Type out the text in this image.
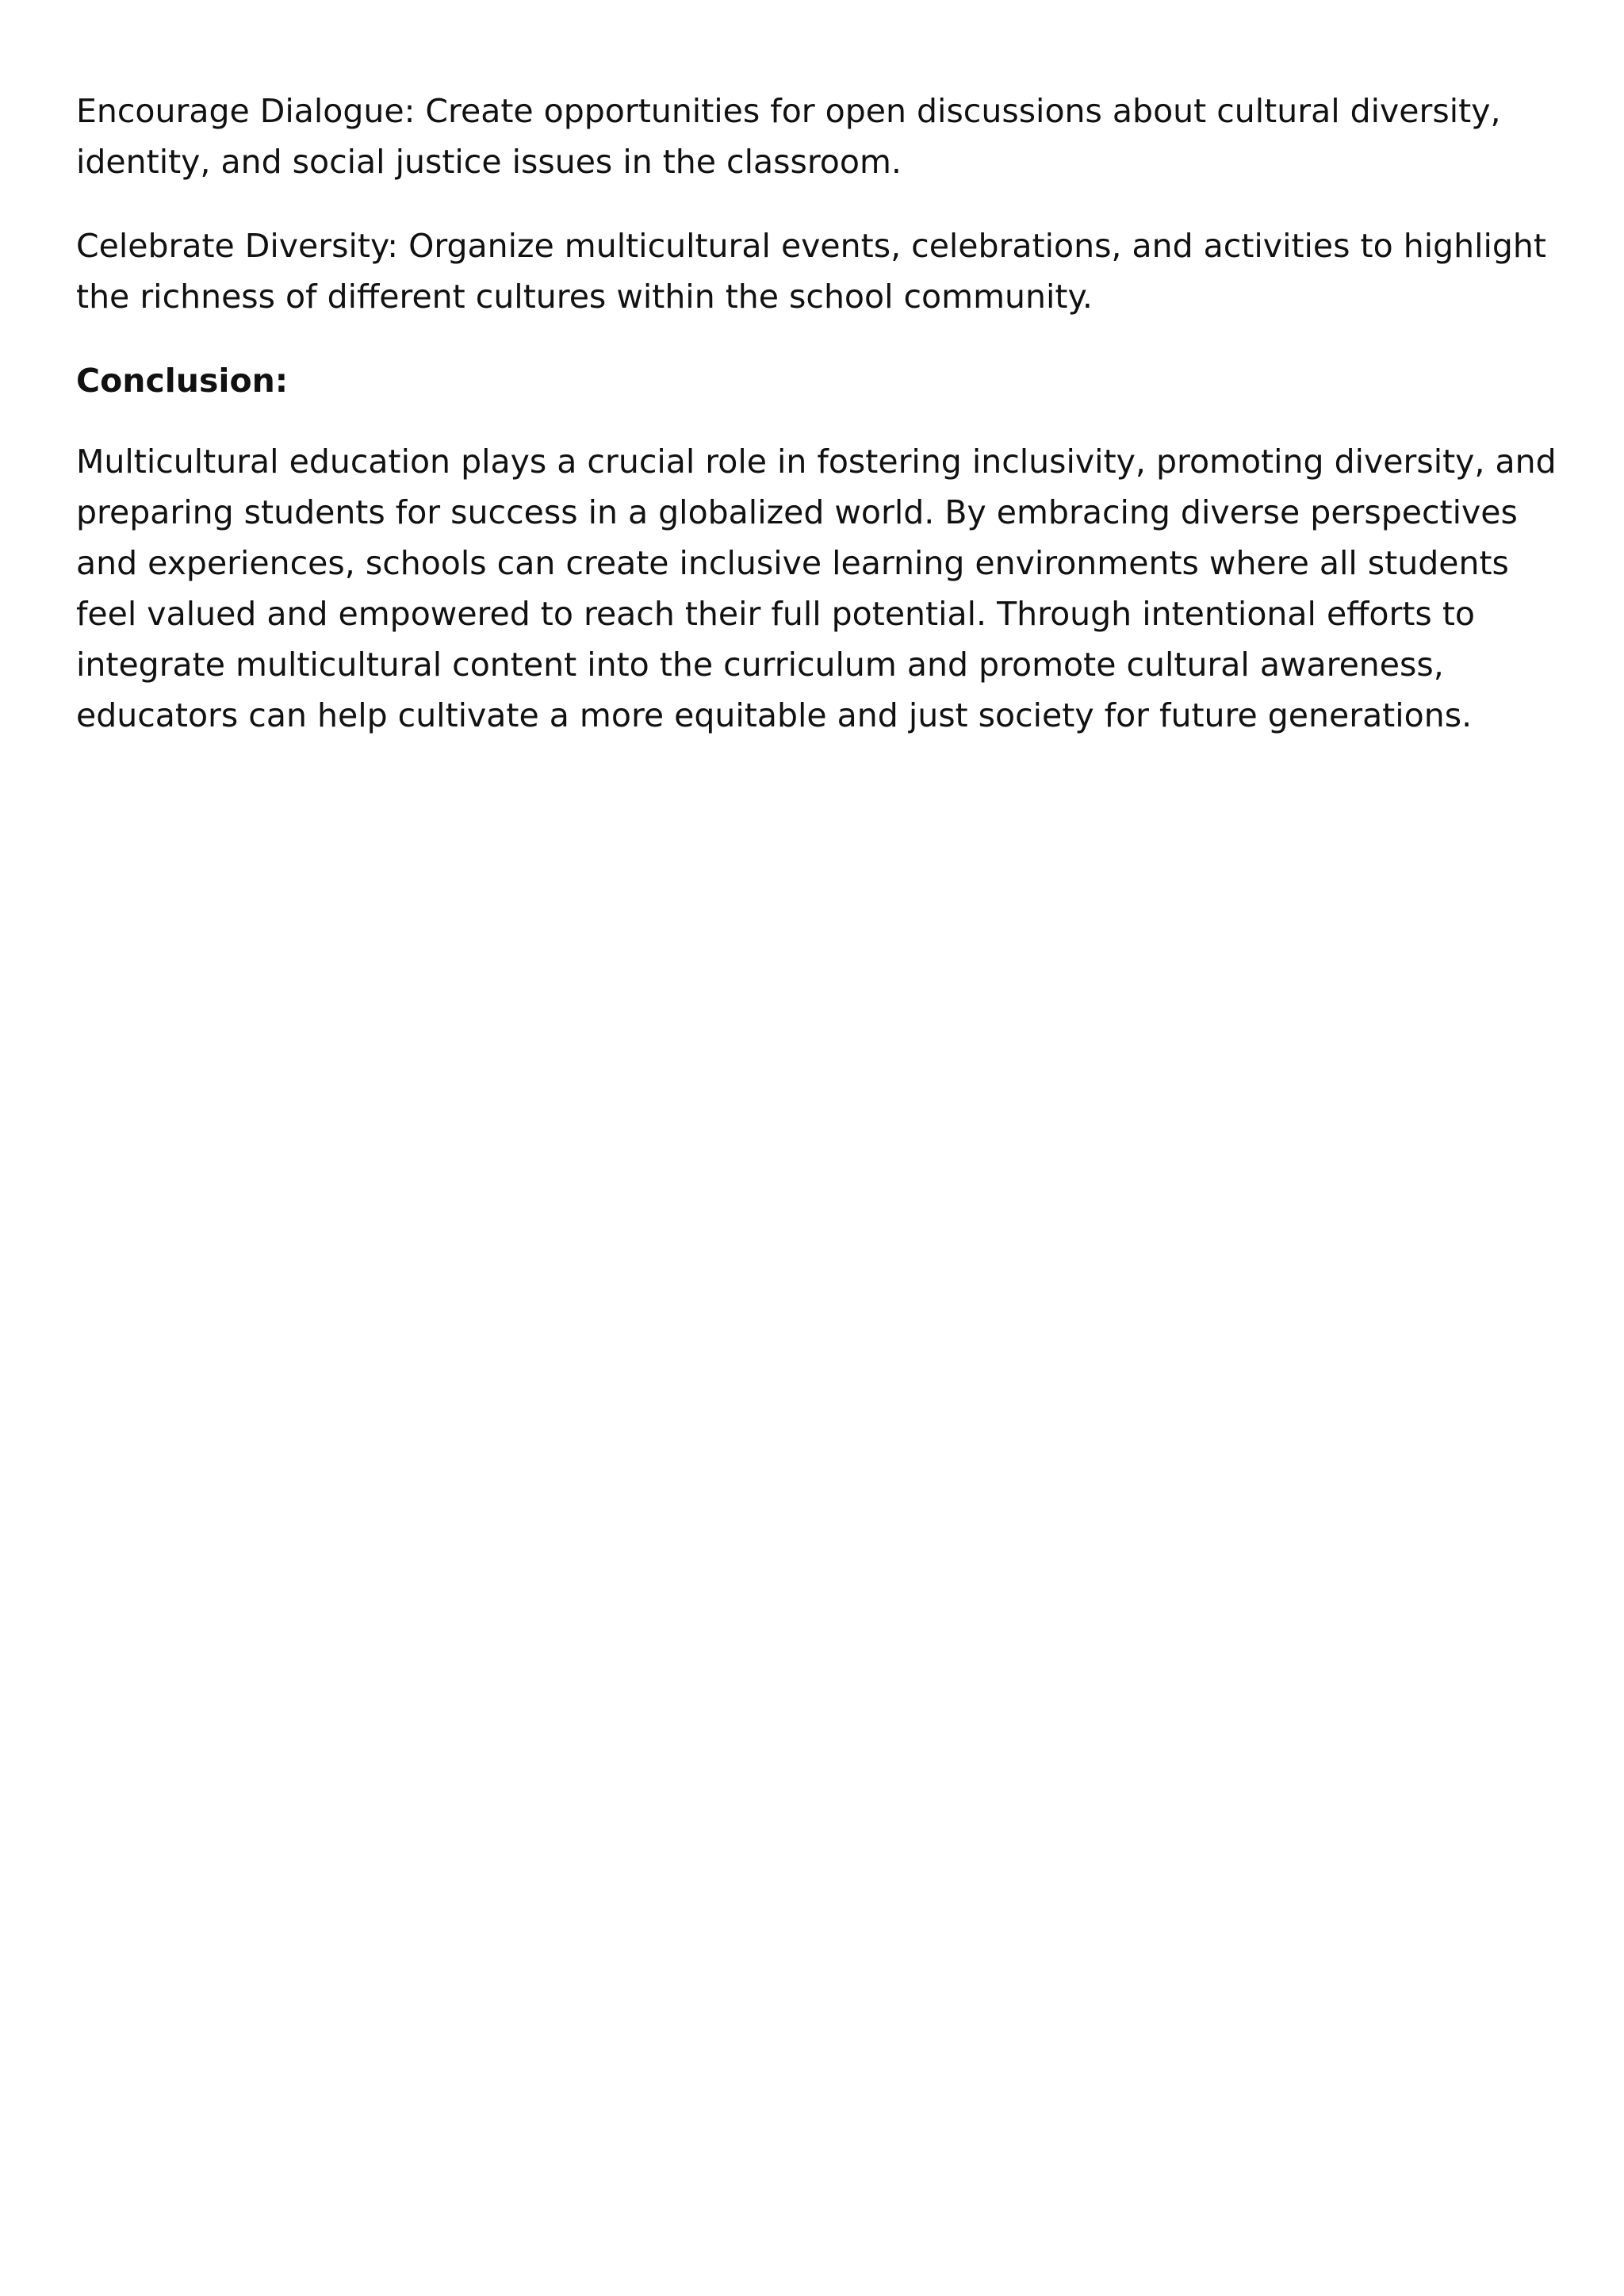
Encourage Dialogue: Create opportunities for open discussions about cultural diversity, identity, and social justice issues in the classroom.

Celebrate Diversity: Organize multicultural events, celebrations, and activities to highlight the richness of different cultures within the school community.

Conclusion:

Multicultural education plays a crucial role in fostering inclusivity, promoting diversity, and preparing students for success in a globalized world. By embracing diverse perspectives and experiences, schools can create inclusive learning environments where all students feel valued and empowered to reach their full potential. Through intentional efforts to integrate multicultural content into the curriculum and promote cultural awareness, educators can help cultivate a more equitable and just society for future generations.
